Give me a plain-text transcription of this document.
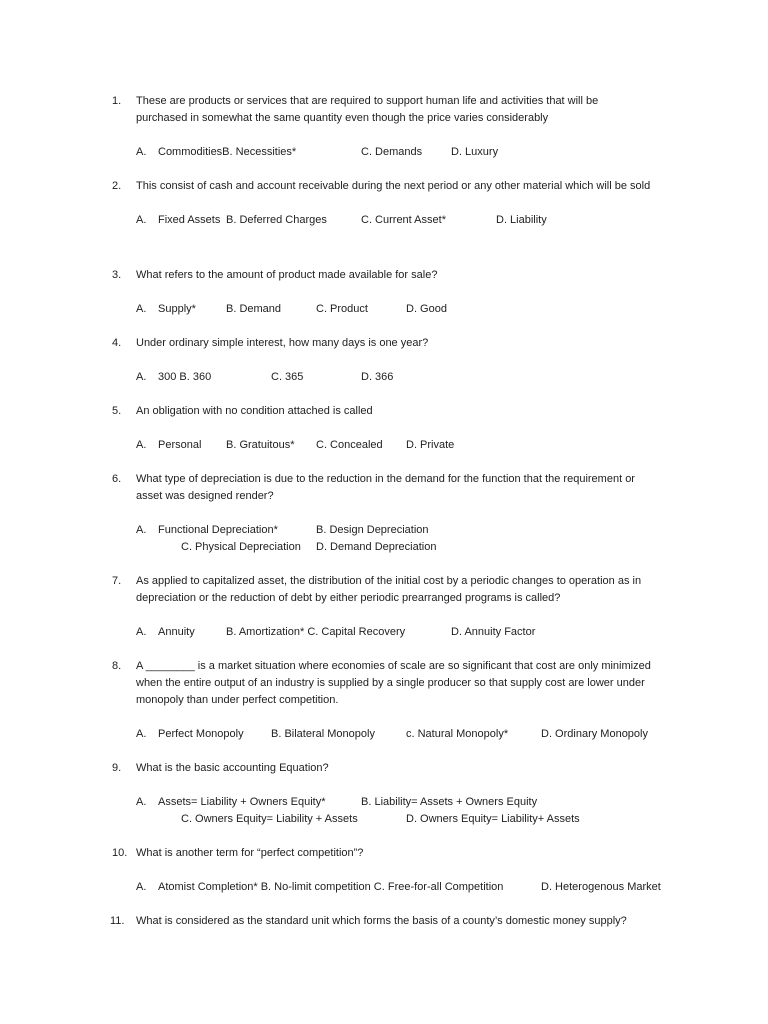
1. These are products or services that are required to support human life and activities that will be
purchased in somewhat the same quantity even though the price varies considerably
A. CommoditiesB. Necessities*	C. Demands	D. Luxury
2. This consist of cash and account receivable during the next period or any other material which will be sold
A. Fixed Assets B. Deferred Charges	C. Current Asset*	D. Liability
3. What refers to the amount of product made available for sale?
A. Supply*	B. Demand	C. Product	D. Good
4. Under ordinary simple interest, how many days is one year?
A. 300 B. 360	C. 365	D. 366
5. An obligation with no condition attached is called
A. Personal B. Gratuitous* C. Concealed D. Private
6. What type of depreciation is due to the reduction in the demand for the function that the requirement or
asset was designed render?
A. Functional Depreciation*	B. Design Depreciation
C. Physical Depreciation D. Demand Depreciation
7. As applied to capitalized asset, the distribution of the initial cost by a periodic changes to operation as in
depreciation or the reduction of debt by either periodic prearranged programs is called?
A. Annuity	B. Amortization* C. Capital Recovery	D. Annuity Factor
8. A ________ is a market situation where economies of scale are so significant that cost are only minimized
when the entire output of an industry is supplied by a single producer so that supply cost are lower under
monopoly than under perfect competition.
A. Perfect Monopoly B. Bilateral Monopoly	c. Natural Monopoly*	D. Ordinary Monopoly
9. What is the basic accounting Equation?
A. Assets= Liability + Owners Equity*	B. Liability= Assets + Owners Equity
C. Owners Equity= Liability + Assets	D. Owners Equity= Liability+ Assets
10. What is another term for “perfect competition”?
A. Atomist Completion* B. No-limit competition C. Free-for-all Competition	D. Heterogenous Market
11. What is considered as the standard unit which forms the basis of a county’s domestic money supply?
